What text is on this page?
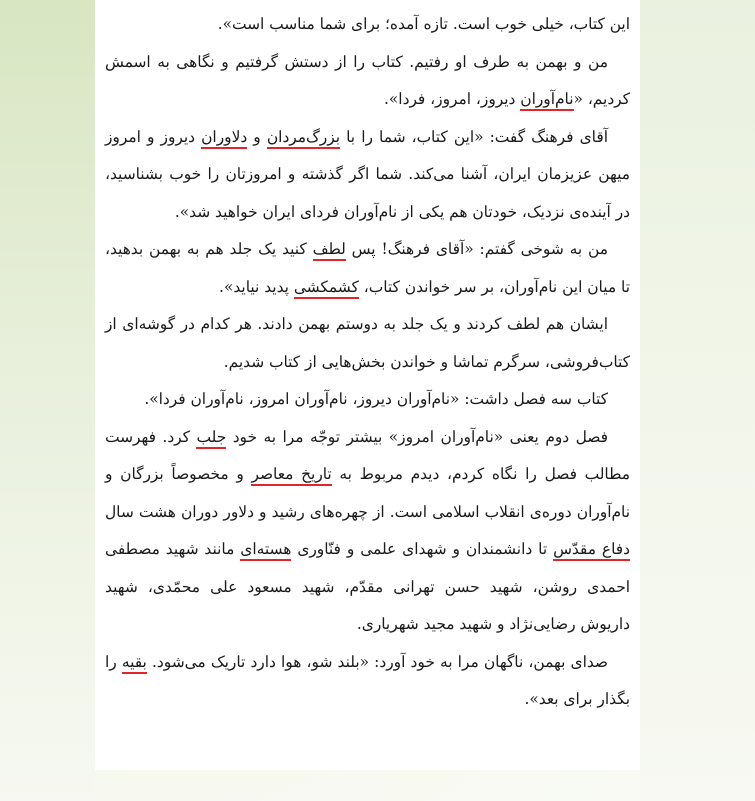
این کتاب، خیلی خوب است. تازه آمده؛ برای شما مناسب است».

من و بهمن به طرف او رفتیم. کتاب را از دستش گرفتیم و نگاهی به اسمش کردیم، «نام‌آوران دیروز، امروز، فردا».

آقای فرهنگ گفت: «این کتاب، شما را با بزرگ‌مردان و دلاوران دیروز و امروز میهن عزیزمان ایران، آشنا می‌کند. شما اگر گذشته و امروزتان را خوب بشناسید، در آینده‌ی نزدیک، خودتان هم یکی از نام‌آوران فردای ایران خواهید شد».

من به شوخی گفتم: «آقای فرهنگ! پس لطف کنید یک جلد هم به بهمن بدهید، تا میان این نام‌آوران، بر سر خواندن کتاب، کشمکشی پدید نیاید».

ایشان هم لطف کردند و یک جلد به دوستم بهمن دادند. هر کدام در گوشه‌ای از کتاب‌فروشی، سرگرم تماشا و خواندن بخش‌هایی از کتاب شدیم.

کتاب سه فصل داشت: «نام‌آوران دیروز، نام‌آوران امروز، نام‌آوران فردا».

فصل دوم یعنی «نام‌آوران امروز» بیشتر توجّه مرا به خود جلب کرد. فهرست مطالب فصل را نگاه کردم، دیدم مربوط به تاریخ معاصر و مخصوصاً بزرگان و نام‌آوران دوره‌ی انقلاب اسلامی است. از چهره‌های رشید و دلاور دوران هشت سال دفاع مقدّس تا دانشمندان و شهدای علمی و فنّاوری هسته‌ای مانند شهید مصطفی احمدی روشن، شهید حسن تهرانی مقدّم، شهید مسعود علی محمّدی، شهید داریوش رضایی‌نژاد و شهید مجید شهریاری.

صدای بهمن، ناگهان مرا به خود آورد: «بلند شو، هوا دارد تاریک می‌شود. بقیه را بگذار برای بعد».
